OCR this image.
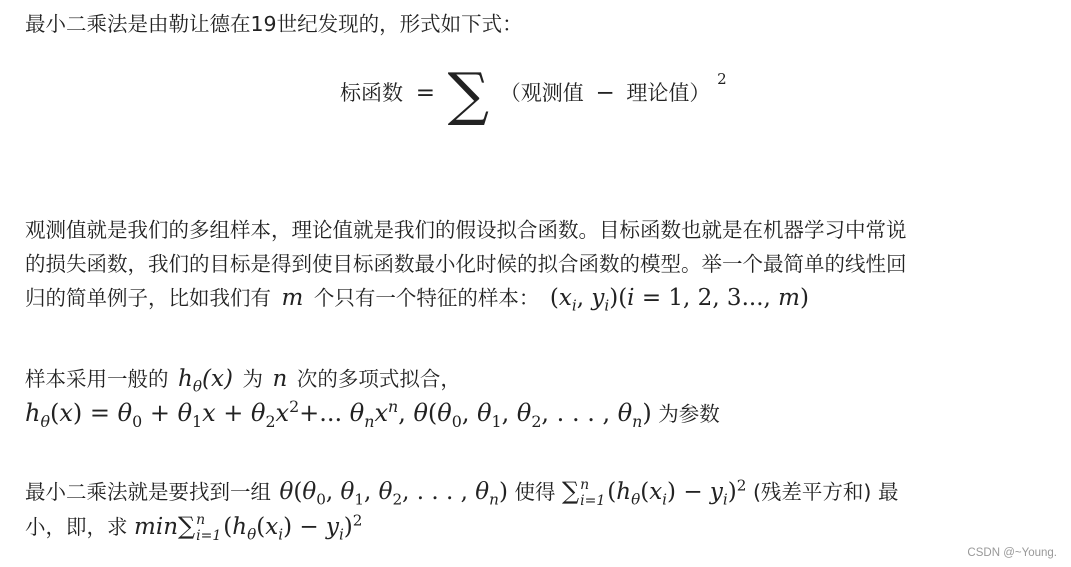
最小二乘法是由勒让德在19世纪发现的，形式如下式：
标函数 = ∑ （观测值 − 理论值） $^2$
观测值就是我们的多组样本，理论值就是我们的假设拟合函数。目标函数也就是在机器学习中常说
的损失函数，我们的目标是得到使目标函数最小化时候的拟合函数的模型。举一个最简单的线性回
归的简单例子，比如我们有 m 个只有一个特征的样本： ($x_i$, $y_i)(i = 1$, 2, 3..., m)
样本采用一般的 $h_\theta(x)$ 为 n 次的多项式拟合，
$h_\theta(x) = \theta_0 + \theta_1x + \theta_2x^2+$... $\theta_nx^n$, $\theta(\theta_0$, $\theta_1$, $\theta_2$, . . . , $\theta_n$) 为参数
最小二乘法就是要找到一组 $\theta(\theta_0$, $\theta_1$, $\theta_2$, . . . , $\theta_n$) 使得 ∑ n
i=1 $(h_\theta(x_i) - y_i)^2$ (残差平方和) 最
小，即，求 min∑ n
i=1 $(h_\theta(x_i) - y_i)^2$
CSDN @~Young.
